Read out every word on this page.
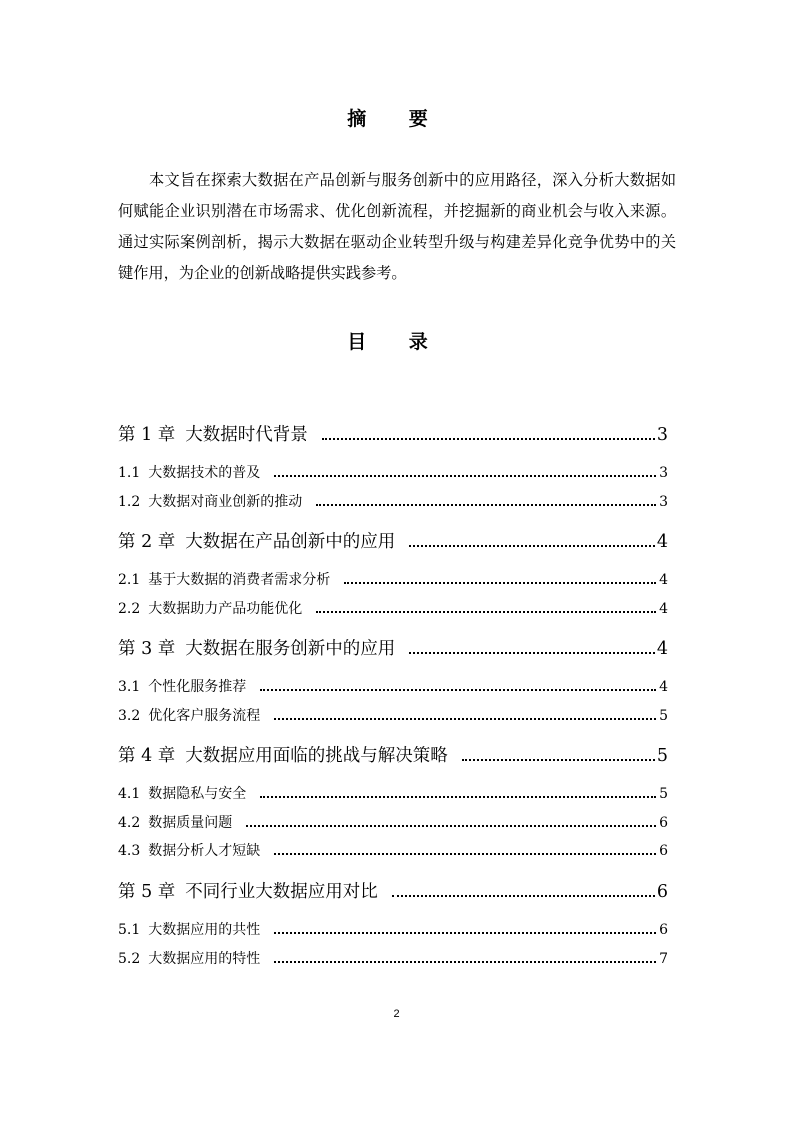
摘 要

本文旨在探索大数据在产品创新与服务创新中的应用路径，深入分析大数据如何赋能企业识别潜在市场需求、优化创新流程，并挖掘新的商业机会与收入来源。通过实际案例剖析，揭示大数据在驱动企业转型升级与构建差异化竞争优势中的关键作用，为企业的创新战略提供实践参考。

目 录
第 1 章 大数据时代背景	3
1.1 大数据技术的普及	3
1.2 大数据对商业创新的推动	3
第 2 章 大数据在产品创新中的应用	4
2.1 基于大数据的消费者需求分析	4
2.2 大数据助力产品功能优化	4
第 3 章 大数据在服务创新中的应用	4
3.1 个性化服务推荐	4
3.2 优化客户服务流程	5
第 4 章 大数据应用面临的挑战与解决策略	5
4.1 数据隐私与安全	5
4.2 数据质量问题	6
4.3 数据分析人才短缺	6
第 5 章 不同行业大数据应用对比	6
5.1 大数据应用的共性	6
5.2 大数据应用的特性	7
2
